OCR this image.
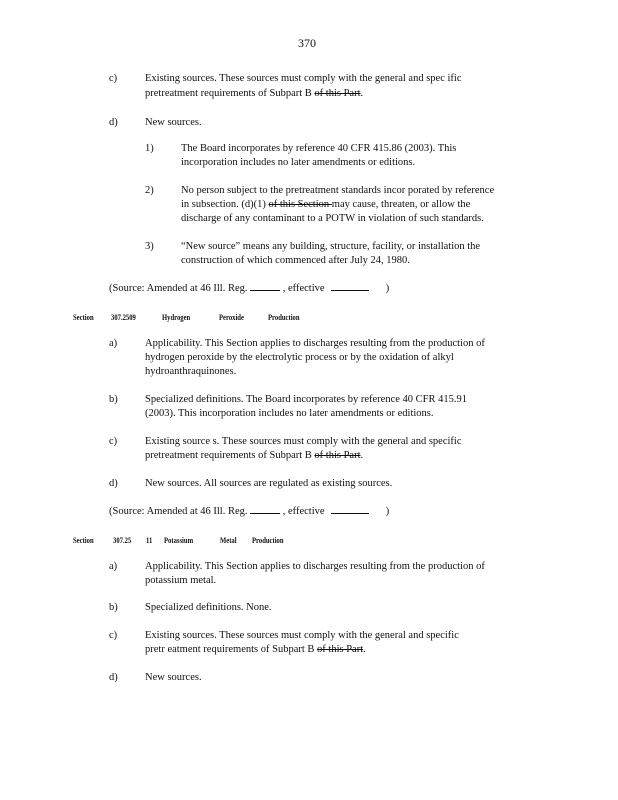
370
c)	Existing sources. These sources must comply with the general and spec ific
pretreatment requirements of Subpart B of this Part.
d)	New sources.
1)	The Board incorporates by reference 40 CFR 415.86 (2003). This
incorporation includes no later amendments or editions.
2)	No person subject to the pretreatment standards incor porated by reference
in subsection. (d)(1) of this Section may cause, threaten, or allow the
discharge of any contaminant to a POTW in violation of such standards.
3)	“New source” means any building, structure, facility, or installation the
construction of which commenced after July 24, 1980.
(Source: Amended at 46 Ill. Reg.	, effective	)
Section 307.2509	Hydrogen	Peroxide	Production
a)	Applicability. This Section applies to discharges resulting from the production of
hydrogen peroxide by the electrolytic process or by the oxidation of alkyl
hydroanthraquinones.
b)	Specialized definitions. The Board incorporates by reference 40 CFR 415.91
(2003). This incorporation includes no later amendments or editions.
c)	Existing source s. These sources must comply with the general and specific
pretreatment requirements of Subpart B of this Part.
d)	New sources. All sources are regulated as existing sources.
(Source: Amended at 46 Ill. Reg.	, effective	)
Section 307.25 11 Potassium	Metal Production
a)	Applicability. This Section applies to discharges resulting from the production of
potassium metal.
b)	Specialized definitions. None.
c)	Existing sources. These sources must comply with the general and specific
pretr eatment requirements of Subpart B of this Part.
d)	New sources.
